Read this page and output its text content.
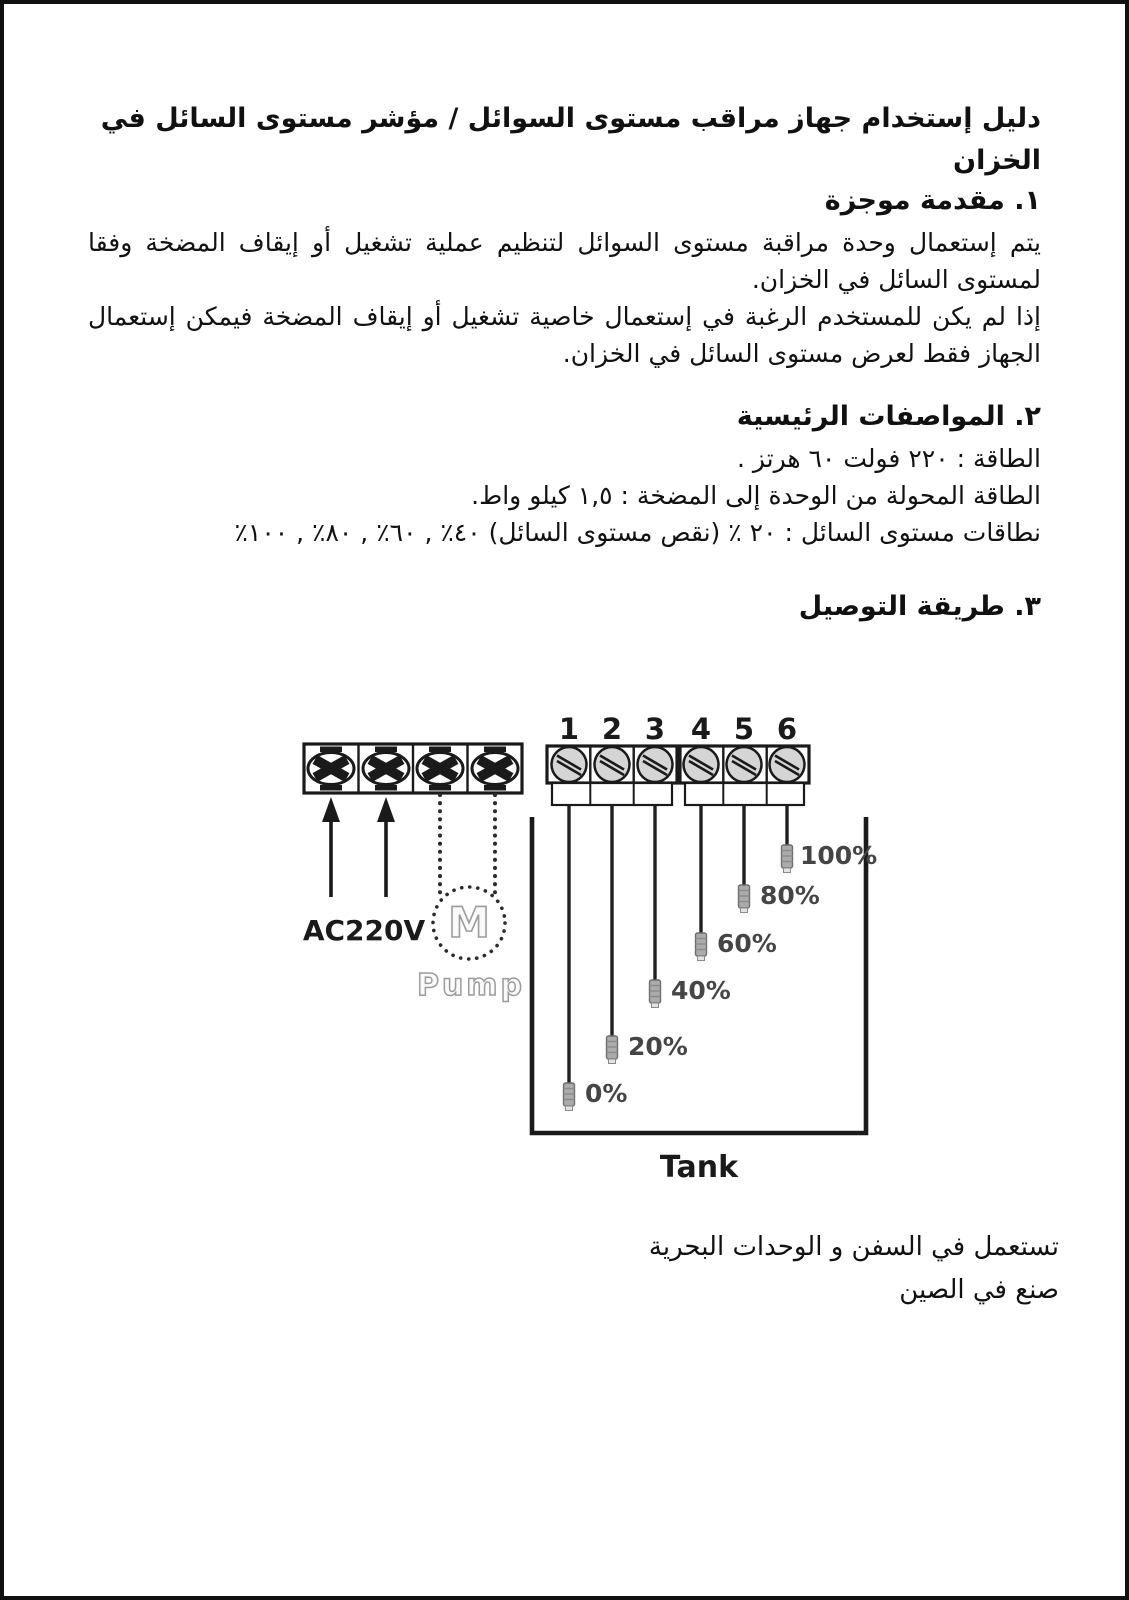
دليل إستخدام جهاز مراقب مستوى السوائل / مؤشر مستوى السائل في الخزان
١. مقدمة موجزة

يتم إستعمال وحدة مراقبة مستوى السوائل لتنظيم عملية تشغيل أو إيقاف المضخة وفقا لمستوى السائل في الخزان.

إذا لم يكن للمستخدم الرغبة في إستعمال خاصية تشغيل أو إيقاف المضخة فيمكن إستعمال الجهاز فقط لعرض مستوى السائل في الخزان.

٢. المواصفات الرئيسية

الطاقة : ٢٢٠ فولت ٦٠ هرتز .

الطاقة المحولة من الوحدة إلى المضخة : ١,٥ كيلو واط.

نطاقات مستوى السائل : ٢٠ ٪ (نقص مستوى السائل) ٤٠٪ , ٦٠٪ , ٨٠٪ , ١٠٠٪

٣. طريقة التوصيل
AC220V M
Pump
1 2 3 4 5 6
0%
20%
40%
60%
80%
100%
Tank
تستعمل في السفن و الوحدات البحرية
صنع في الصين
